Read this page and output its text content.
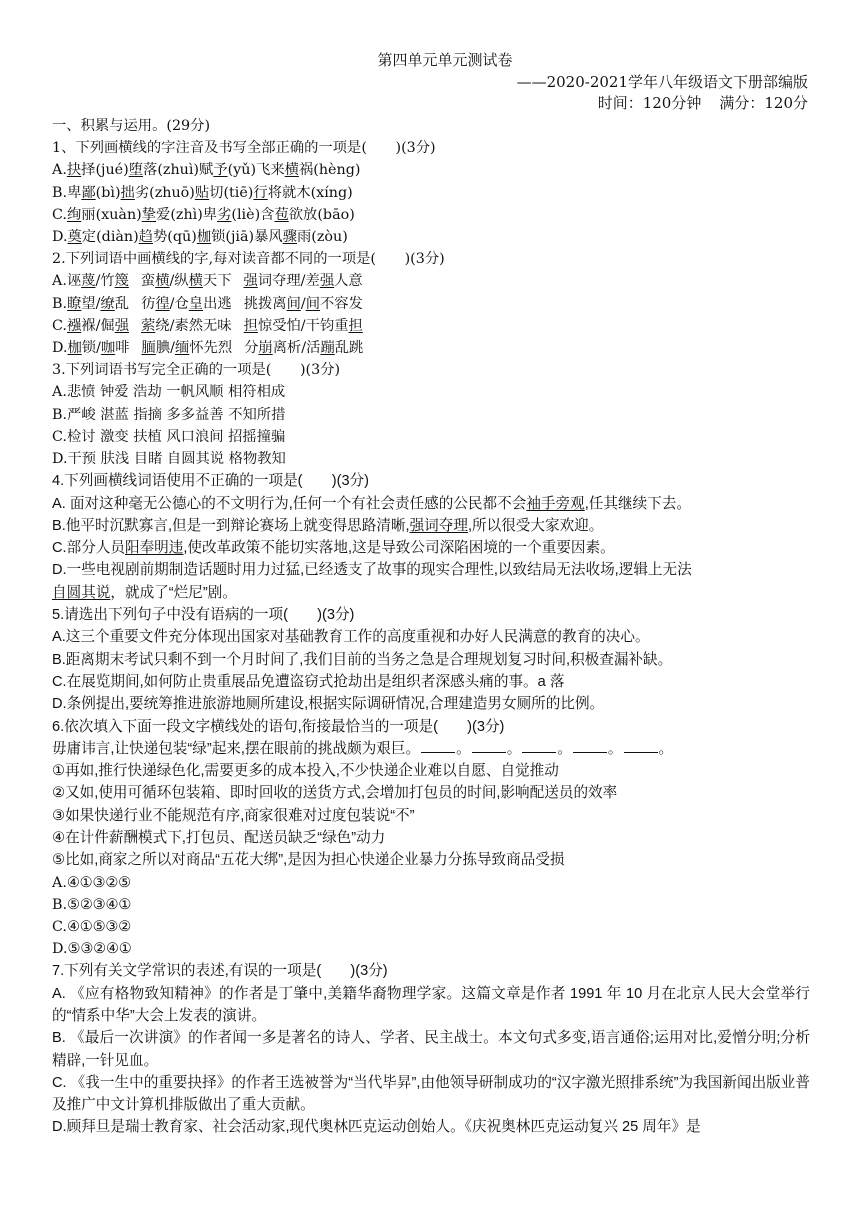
第四单元单元测试卷
——2020-2021学年八年级语文下册部编版
时间：120分钟 满分：120分
一、积累与运用。(29分)
1、下列画横线的字注音及书写全部正确的一项是(　　)(3分)
A.抉择(jué)堕落(zhuì)赋予(yǔ)飞来横祸(hèng)
B.卑鄙(bì)拙劣(zhuō)贴切(tiē)行将就木(xíng)
C.绚丽(xuàn)挚爱(zhì)卑劣(liè)含苞欲放(bāo)
D.奠定(diàn)趋势(qū)枷锁(jiā)暴风骤雨(zòu)
2.下列词语中画横线的字,每对读音都不同的一项是(　　)(3分)
A.诬蔑/竹篾 蛮横/纵横天下 强词夺理/差强人意
B.瞭望/缭乱 彷徨/仓皇出逃 挑拨离间/间不容发
C.襁褓/倔强 萦绕/素然无味 担惊受怕/干钧重担
D.枷锁/咖啡 腼腆/缅怀先烈 分崩离析/活蹦乱跳
3.下列词语书写完全正确的一项是(　　)(3分)
A.悲愤 钟爱 浩劫 一帆风顺 相符相成
B.严峻 湛蓝 指摘 多多益善 不知所措
C.检讨 激变 扶植 风口浪间 招摇撞骗
D.干预 肤浅 目睹 自圆其说 格物教知
4.下列画横线词语使用不正确的一项是(　　)(3分)
A. 面对这种毫无公德心的不文明行为,任何一个有社会责任感的公民都不会袖手旁观,任其继续下去。
B.他平时沉默寡言,但是一到辩论赛场上就变得思路清晰,强词夺理,所以很受大家欢迎。
C.部分人员阳奉明违,使改革政策不能切实落地,这是导致公司深陷困境的一个重要因素。
D.一些电视剧前期制造话题时用力过猛,已经透支了故事的现实合理性,以致结局无法收场,逻辑上无法
自圆其说，就成了“烂尼”剧。
5.请选出下列句子中没有语病的一项(　　)(3分)
A.这三个重要文件充分体现出国家对基础教育工作的高度重视和办好人民满意的教育的决心。
B.距离期末考试只剩不到一个月时间了,我们目前的当务之急是合理规划复习时间,积极查漏补缺。
C.在展览期间,如何防止贵重展品免遭盗窃式抢劫出是组织者深感头痛的事。a 落
D.条例提出,要统筹推进旅游地厕所建设,根据实际调研情况,合理建造男女厕所的比例。
6.依次填入下面一段文字横线处的语句,衔接最恰当的一项是(　　)(3分)
毋庸讳言,让快递包装“绿”起来,摆在眼前的挑战颇为艰巨。 。 。 。 。 。
①再如,推行快递绿色化,需要更多的成本投入,不少快递企业难以自愿、自觉推动
②又如,使用可循环包装箱、即时回收的送货方式,会增加打包员的时间,影响配送员的效率
③如果快递行业不能规范有序,商家很难对过度包装说“不”
④在计件薪酬模式下,打包员、配送员缺乏“绿色”动力
⑤比如,商家之所以对商品“五花大绑”,是因为担心快递企业暴力分拣导致商品受损
A.④①③②⑤
B.⑤②③④①
C.④①⑤③②
D.⑤③②④①
7.下列有关文学常识的表述,有误的一项是(　　)(3分)
A. 《应有格物致知精神》的作者是丁肇中,美籍华裔物理学家。这篇文章是作者 1991 年 10 月在北京人民大会堂举行的“情系中华”大会上发表的演讲。
B. 《最后一次讲演》的作者闻一多是著名的诗人、学者、民主战士。本文句式多变,语言通俗;运用对比,爱憎分明;分析精辟,一针见血。
C. 《我一生中的重要抉择》的作者王选被誉为“当代毕昇”,由他领导研制成功的“汉字激光照排系统”为我国新闻出版业普及推广中文计算机排版做出了重大贡献。
D.顾拜旦是瑞士教育家、社会活动家,现代奥林匹克运动创始人。《庆祝奥林匹克运动复兴 25 周年》是
